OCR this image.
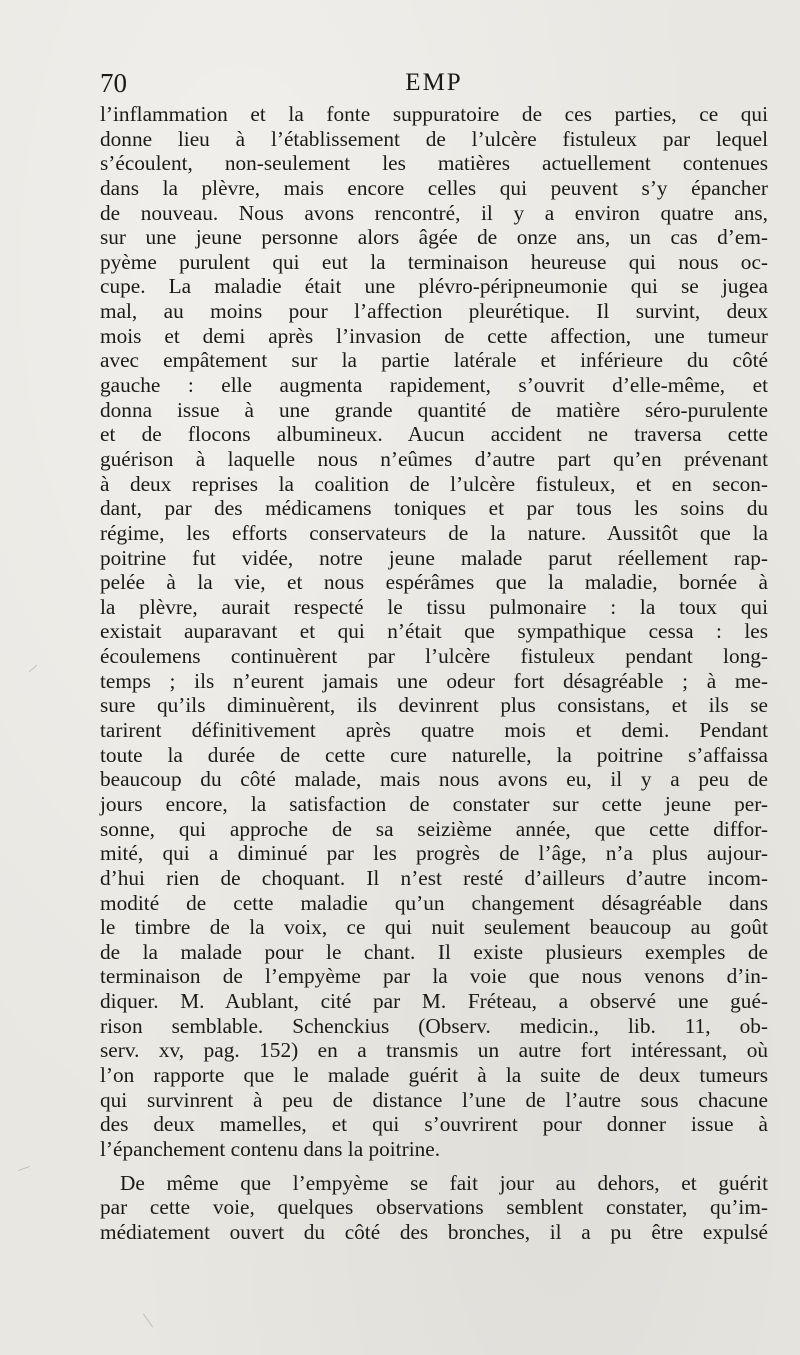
70	EMP
l’inflammation et la fonte suppuratoire de ces parties, ce qui
donne lieu à l’établissement de l’ulcère fistuleux par lequel
s’écoulent, non-seulement les matières actuellement contenues
dans la plèvre, mais encore celles qui peuvent s’y épancher
de nouveau. Nous avons rencontré, il y a environ quatre ans,
sur une jeune personne alors âgée de onze ans, un cas d’em-
pyème purulent qui eut la terminaison heureuse qui nous oc-
cupe. La maladie était une plévro-péripneumonie qui se jugea
mal, au moins pour l’affection pleurétique. Il survint, deux
mois et demi après l’invasion de cette affection, une tumeur
avec empâtement sur la partie latérale et inférieure du côté
gauche : elle augmenta rapidement, s’ouvrit d’elle-même, et
donna issue à une grande quantité de matière séro-purulente
et de flocons albumineux. Aucun accident ne traversa cette
guérison à laquelle nous n’eûmes d’autre part qu’en prévenant
à deux reprises la coalition de l’ulcère fistuleux, et en secon-
dant, par des médicamens toniques et par tous les soins du
régime, les efforts conservateurs de la nature. Aussitôt que la
poitrine fut vidée, notre jeune malade parut réellement rap-
pelée à la vie, et nous espérâmes que la maladie, bornée à
la plèvre, aurait respecté le tissu pulmonaire : la toux qui
existait auparavant et qui n’était que sympathique cessa : les
écoulemens continuèrent par l’ulcère fistuleux pendant long-
temps ; ils n’eurent jamais une odeur fort désagréable ; à me-
sure qu’ils diminuèrent, ils devinrent plus consistans, et ils se
tarirent définitivement après quatre mois et demi. Pendant
toute la durée de cette cure naturelle, la poitrine s’affaissa
beaucoup du côté malade, mais nous avons eu, il y a peu de
jours encore, la satisfaction de constater sur cette jeune per-
sonne, qui approche de sa seizième année, que cette diffor-
mité, qui a diminué par les progrès de l’âge, n’a plus aujour-
d’hui rien de choquant. Il n’est resté d’ailleurs d’autre incom-
modité de cette maladie qu’un changement désagréable dans
le timbre de la voix, ce qui nuit seulement beaucoup au goût
de la malade pour le chant. Il existe plusieurs exemples de
terminaison de l’empyème par la voie que nous venons d’in-
diquer. M. Aublant, cité par M. Fréteau, a observé une gué-
rison semblable. Schenckius (Observ. medicin., lib. 11, ob-
serv. xv, pag. 152) en a transmis un autre fort intéressant, où
l’on rapporte que le malade guérit à la suite de deux tumeurs
qui survinrent à peu de distance l’une de l’autre sous chacune
des deux mamelles, et qui s’ouvrirent pour donner issue à
l’épanchement contenu dans la poitrine.
De même que l’empyème se fait jour au dehors, et guérit
par cette voie, quelques observations semblent constater, qu’im-
médiatement ouvert du côté des bronches, il a pu être expulsé
